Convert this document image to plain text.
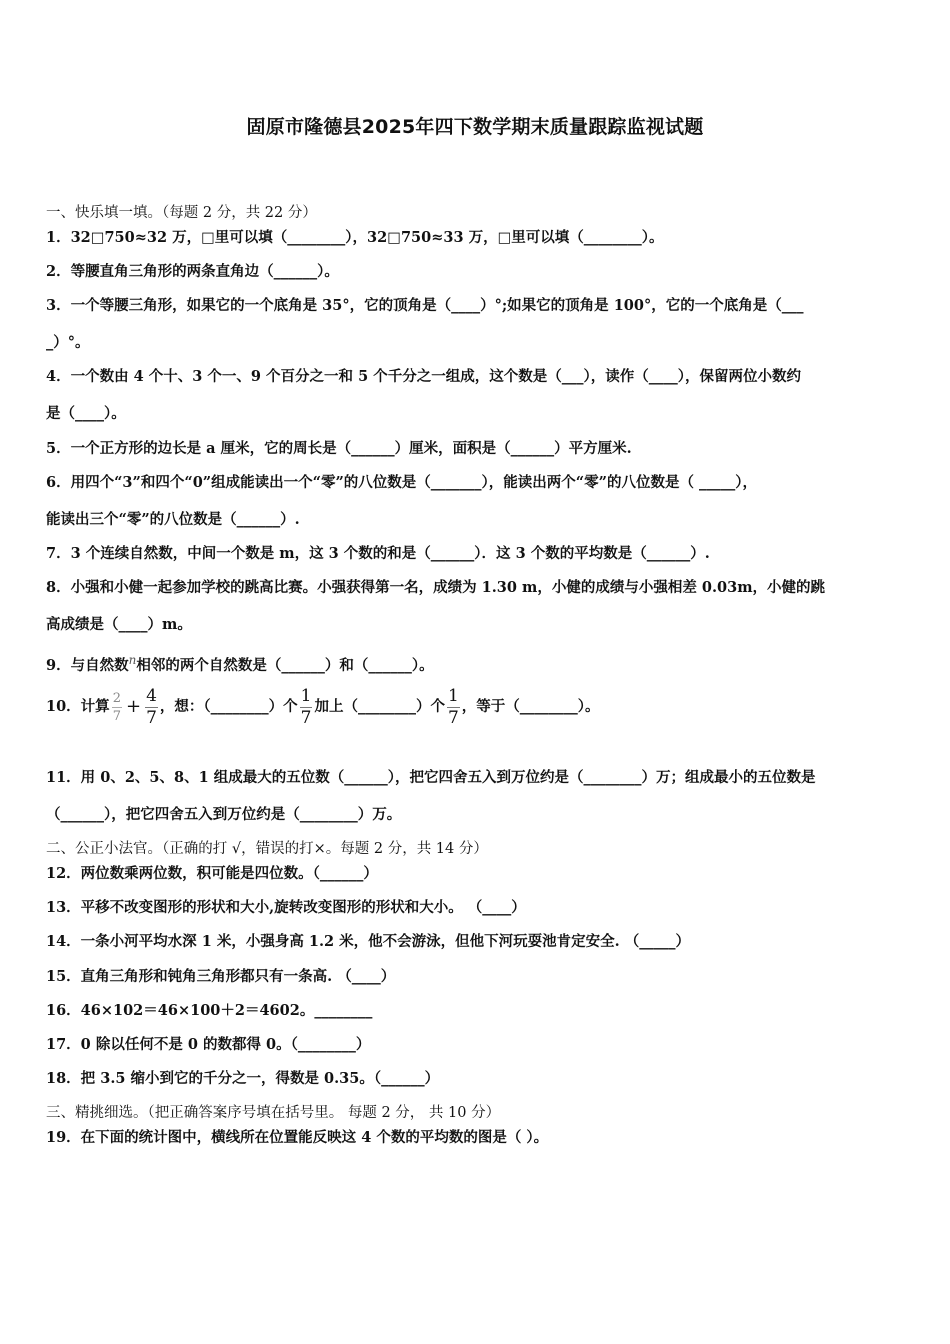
固原市隆德县2025年四下数学期末质量跟踪监视试题
一、快乐填一填。（每题 2 分，共 22 分）
1．32□750≈32 万，□里可以填（________），32□750≈33 万，□里可以填（________）。
2．等腰直角三角形的两条直角边（______）。
3．一个等腰三角形，如果它的一个底角是 35°，它的顶角是（____）°;如果它的顶角是 100°，它的一个底角是（___
_）°。
4．一个数由 4 个十、3 个一、9 个百分之一和 5 个千分之一组成，这个数是（___），读作（____），保留两位小数约
是（____）。
5．一个正方形的边长是 a 厘米，它的周长是（______）厘米，面积是（______）平方厘米.
6．用四个“3”和四个“0”组成能读出一个“零”的八位数是（_______），能读出两个“零”的八位数是（ _____），
能读出三个“零”的八位数是（______）.
7．3 个连续自然数，中间一个数是 m，这 3 个数的和是（______）．这 3 个数的平均数是（______）.
8．小强和小健一起参加学校的跳高比赛。小强获得第一名，成绩为 1.30 m，小健的成绩与小强相差 0.03m，小健的跳
高成绩是（____）m。
9．与自然数$^n$相邻的两个自然数是（______）和（______）。
10．计算 $\frac{2}{7} + \frac{4}{7}$ ，想：（________）个 $\frac{1}{7}$ 加上（________）个 $\frac{1}{7}$ ，等于（________）。
11．用 0、2、5、8、1 组成最大的五位数（______），把它四舍五入到万位约是（________）万；组成最小的五位数是
（______），把它四舍五入到万位约是（________）万。
二、公正小法官。（正确的打 √，错误的打×。每题 2 分，共 14 分）
12．两位数乘两位数，积可能是四位数。（______）
13．平移不改变图形的形状和大小,旋转改变图形的形状和大小。 （____）
14．一条小河平均水深 1 米，小强身高 1.2 米，他不会游泳，但他下河玩耍池肯定安全. （_____）
15．直角三角形和钝角三角形都只有一条高. （____）
16．46×102＝46×100＋2＝4602。________
17．0 除以任何不是 0 的数都得 0。（________）
18．把 3.5 缩小到它的千分之一，得数是 0.35。（______）
三、精挑细选。（把正确答案序号填在括号里。 每题 2 分， 共 10 分）
19．在下面的统计图中，横线所在位置能反映这 4 个数的平均数的图是（ ）。
